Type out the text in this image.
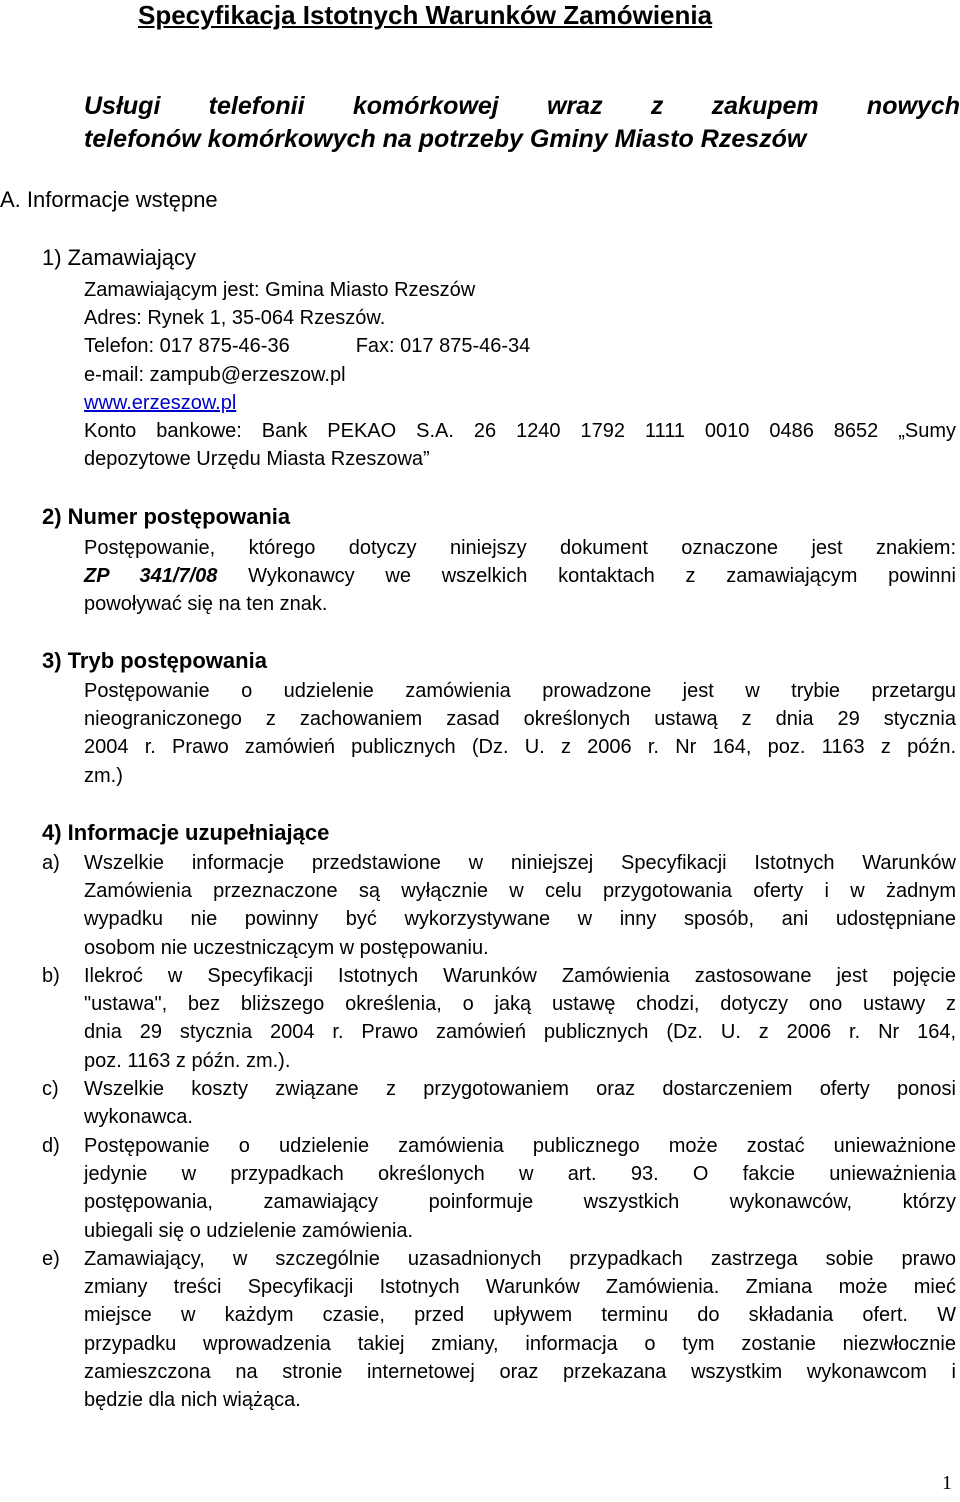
Specyfikacja Istotnych Warunków Zamówienia
Usługi telefonii komórkowej wraz z zakupem nowych
telefonów komórkowych na potrzeby Gminy Miasto Rzeszów
A. Informacje wstępne
1) Zamawiający
Zamawiającym jest: Gmina Miasto Rzeszów
Adres: Rynek 1, 35-064 Rzeszów.
Telefon: 017 875-46-36	Fax: 017 875-46-34
e-mail: zampub@erzeszow.pl
www.erzeszow.pl
Konto bankowe: Bank PEKAO S.A. 26 1240 1792 1111 0010 0486 8652 „Sumy
depozytowe Urzędu Miasta Rzeszowa”
2) Numer postępowania
Postępowanie, którego dotyczy niniejszy dokument oznaczone jest znakiem:
ZP 341/7/08 Wykonawcy we wszelkich kontaktach z zamawiającym powinni
powoływać się na ten znak.
3) Tryb postępowania
Postępowanie o udzielenie zamówienia prowadzone jest w trybie przetargu
nieograniczonego z zachowaniem zasad określonych ustawą z dnia 29 stycznia
2004 r. Prawo zamówień publicznych (Dz. U. z 2006 r. Nr 164, poz. 1163 z późn.
zm.)
4) Informacje uzupełniające
a) Wszelkie informacje przedstawione w niniejszej Specyfikacji Istotnych Warunków
Zamówienia przeznaczone są wyłącznie w celu przygotowania oferty i w żadnym
wypadku nie powinny być wykorzystywane w inny sposób, ani udostępniane
osobom nie uczestniczącym w postępowaniu.
b) Ilekroć w Specyfikacji Istotnych Warunków Zamówienia zastosowane jest pojęcie
"ustawa", bez bliższego określenia, o jaką ustawę chodzi, dotyczy ono ustawy z
dnia 29 stycznia 2004 r. Prawo zamówień publicznych (Dz. U. z 2006 r. Nr 164,
poz. 1163 z późn. zm.).
c) Wszelkie koszty związane z przygotowaniem oraz dostarczeniem oferty ponosi
wykonawca.
d) Postępowanie o udzielenie zamówienia publicznego może zostać unieważnione
jedynie w przypadkach określonych w art. 93. O fakcie unieważnienia
postępowania, zamawiający poinformuje wszystkich wykonawców, którzy
ubiegali się o udzielenie zamówienia.
e) Zamawiający, w szczególnie uzasadnionych przypadkach zastrzega sobie prawo
zmiany treści Specyfikacji Istotnych Warunków Zamówienia. Zmiana może mieć
miejsce w każdym czasie, przed upływem terminu do składania ofert. W
przypadku wprowadzenia takiej zmiany, informacja o tym zostanie niezwłocznie
zamieszczona na stronie internetowej oraz przekazana wszystkim wykonawcom i
będzie dla nich wiążąca.
1
